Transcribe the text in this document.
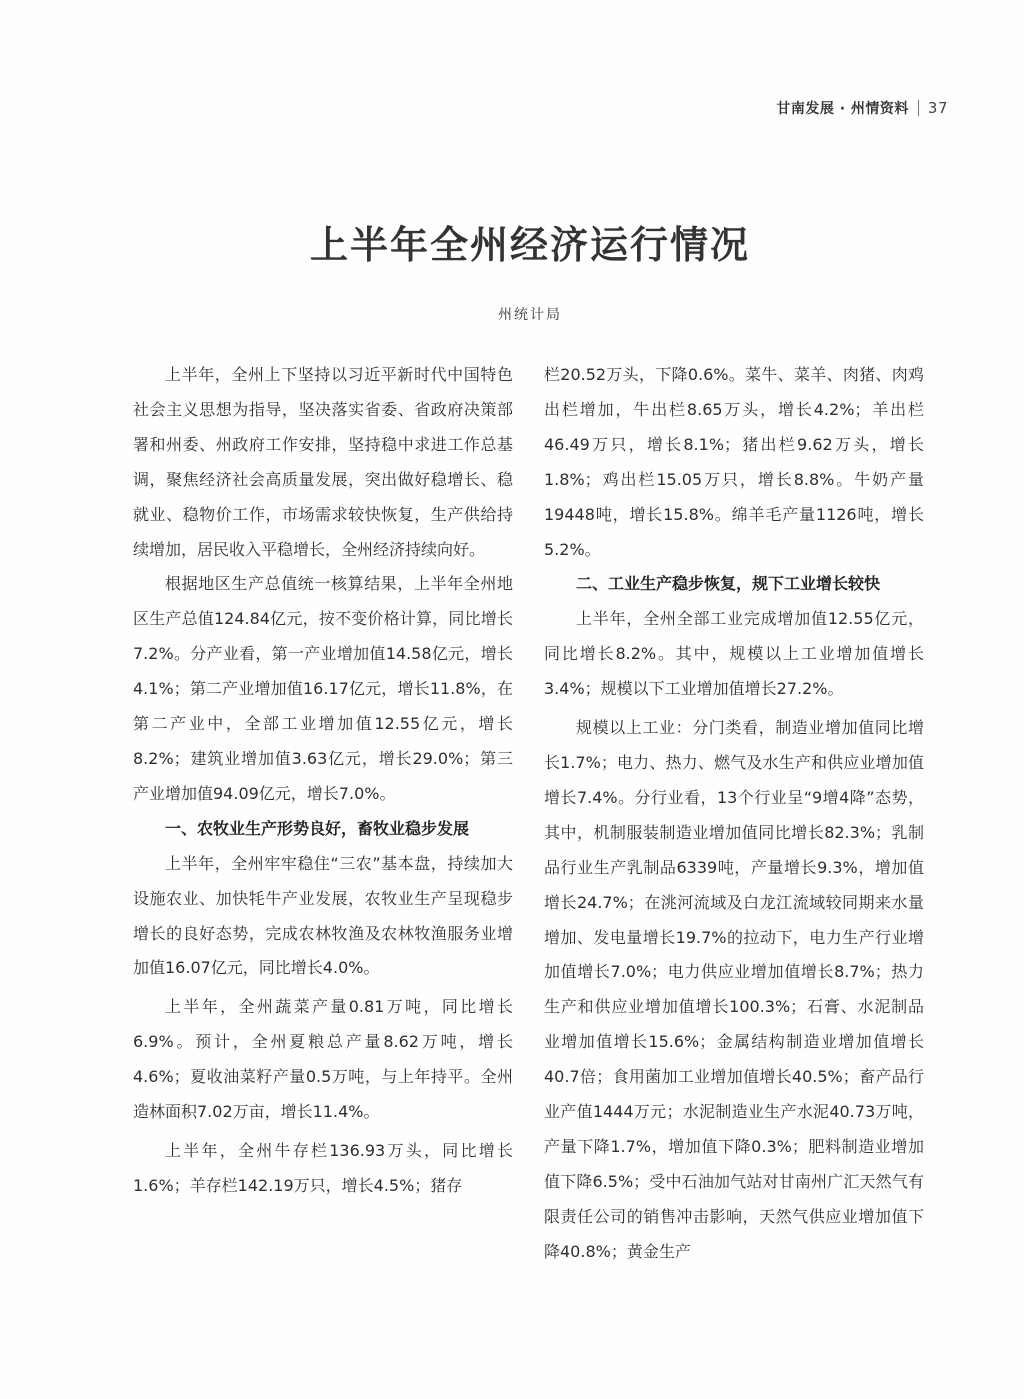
甘南发展 · 州情资料 37
上半年全州经济运行情况
州统计局

上半年，全州上下坚持以习近平新时代中国特色社会主义思想为指导，坚决落实省委、省政府决策部署和州委、州政府工作安排，坚持稳中求进工作总基调，聚焦经济社会高质量发展，突出做好稳增长、稳就业、稳物价工作，市场需求较快恢复，生产供给持续增加，居民收入平稳增长，全州经济持续向好。

根据地区生产总值统一核算结果，上半年全州地区生产总值124.84亿元，按不变价格计算，同比增长7.2%。分产业看，第一产业增加值14.58亿元，增长4.1%；第二产业增加值16.17亿元，增长11.8%，在第二产业中，全部工业增加值12.55亿元，增长8.2%；建筑业增加值3.63亿元，增长29.0%；第三产业增加值94.09亿元，增长7.0%。

一、农牧业生产形势良好，畜牧业稳步发展

上半年，全州牢牢稳住“三农”基本盘，持续加大设施农业、加快牦牛产业发展，农牧业生产呈现稳步增长的良好态势，完成农林牧渔及农林牧渔服务业增加值16.07亿元，同比增长4.0%。

上半年，全州蔬菜产量0.81万吨，同比增长6.9%。预计，全州夏粮总产量8.62万吨，增长4.6%；夏收油菜籽产量0.5万吨，与上年持平。全州造林面积7.02万亩，增长11.4%。

上半年，全州牛存栏136.93万头，同比增长1.6%；羊存栏142.19万只，增长4.5%；猪存

栏20.52万头，下降0.6%。菜牛、菜羊、肉猪、肉鸡出栏增加，牛出栏8.65万头，增长4.2%；羊出栏46.49万只，增长8.1%；猪出栏9.62万头，增长1.8%；鸡出栏15.05万只，增长8.8%。牛奶产量19448吨，增长15.8%。绵羊毛产量1126吨，增长5.2%。

二、工业生产稳步恢复，规下工业增长较快

上半年，全州全部工业完成增加值12.55亿元，同比增长8.2%。其中，规模以上工业增加值增长3.4%；规模以下工业增加值增长27.2%。

规模以上工业：分门类看，制造业增加值同比增长1.7%；电力、热力、燃气及水生产和供应业增加值增长7.4%。分行业看，13个行业呈“9增4降”态势，其中，机制服装制造业增加值同比增长82.3%；乳制品行业生产乳制品6339吨，产量增长9.3%，增加值增长24.7%；在洮河流域及白龙江流域较同期来水量增加、发电量增长19.7%的拉动下，电力生产行业增加值增长7.0%；电力供应业增加值增长8.7%；热力生产和供应业增加值增长100.3%；石膏、水泥制品业增加值增长15.6%；金属结构制造业增加值增长40.7倍；食用菌加工业增加值增长40.5%；畜产品行业产值1444万元；水泥制造业生产水泥40.73万吨，产量下降1.7%，增加值下降0.3%；肥料制造业增加值下降6.5%；受中石油加气站对甘南州广汇天然气有限责任公司的销售冲击影响，天然气供应业增加值下降40.8%；黄金生产
